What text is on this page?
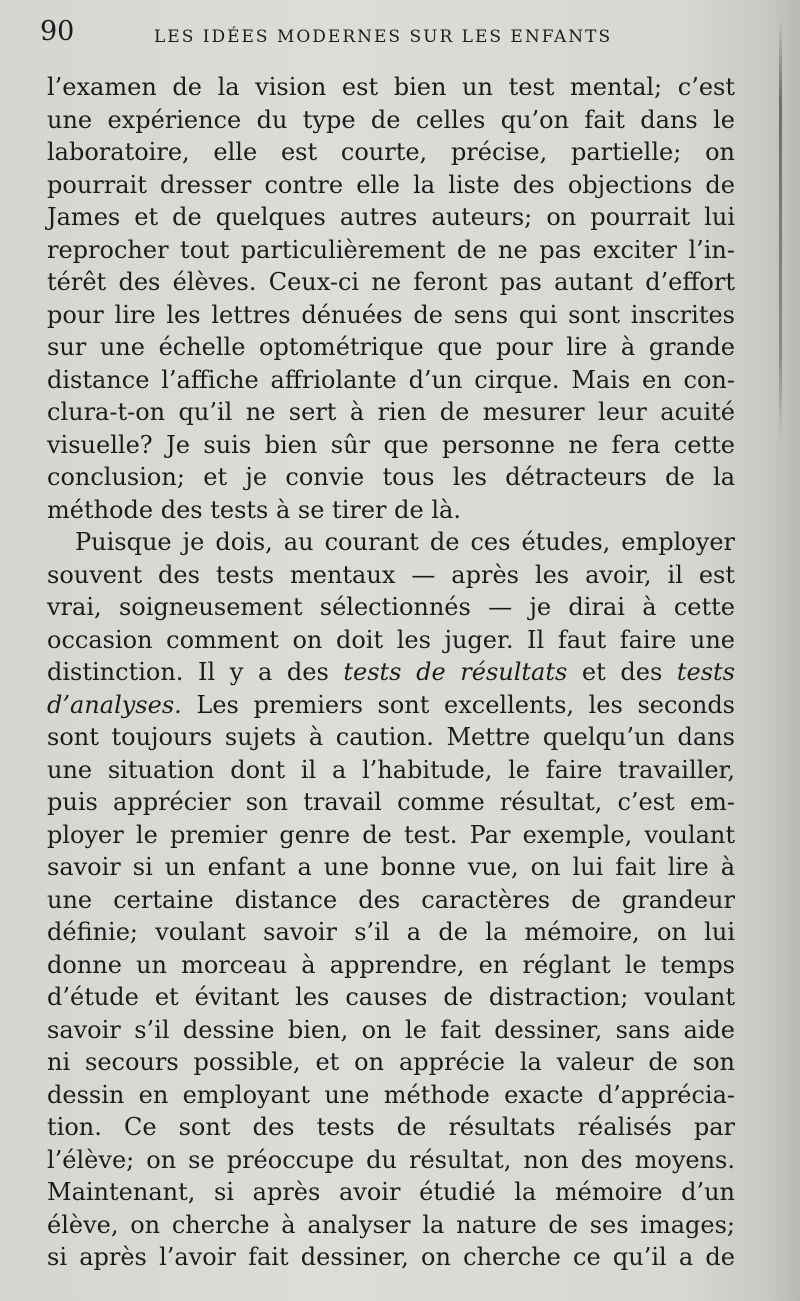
90	LES IDÉES MODERNES SUR LES ENFANTS
l’examen de la vision est bien un test mental; c’est
une expérience du type de celles qu’on fait dans le
laboratoire, elle est courte, précise, partielle; on
pourrait dresser contre elle la liste des objections de
James et de quelques autres auteurs; on pourrait lui
reprocher tout particulièrement de ne pas exciter l’in-
térêt des élèves. Ceux-ci ne feront pas autant d’effort
pour lire les lettres dénuées de sens qui sont inscrites
sur une échelle optométrique que pour lire à grande
distance l’affiche affriolante d’un cirque. Mais en con-
clura-t-on qu’il ne sert à rien de mesurer leur acuité
visuelle? Je suis bien sûr que personne ne fera cette
conclusion; et je convie tous les détracteurs de la
méthode des tests à se tirer de là.
Puisque je dois, au courant de ces études, employer
souvent des tests mentaux — après les avoir, il est
vrai, soigneusement sélectionnés — je dirai à cette
occasion comment on doit les juger. Il faut faire une
distinction. Il y a des tests de résultats et des tests
d’analyses. Les premiers sont excellents, les seconds
sont toujours sujets à caution. Mettre quelqu’un dans
une situation dont il a l’habitude, le faire travailler,
puis apprécier son travail comme résultat, c’est em-
ployer le premier genre de test. Par exemple, voulant
savoir si un enfant a une bonne vue, on lui fait lire à
une certaine distance des caractères de grandeur
définie; voulant savoir s’il a de la mémoire, on lui
donne un morceau à apprendre, en réglant le temps
d’étude et évitant les causes de distraction; voulant
savoir s’il dessine bien, on le fait dessiner, sans aide
ni secours possible, et on apprécie la valeur de son
dessin en employant une méthode exacte d’apprécia-
tion. Ce sont des tests de résultats réalisés par
l’élève; on se préoccupe du résultat, non des moyens.
Maintenant, si après avoir étudié la mémoire d’un
élève, on cherche à analyser la nature de ses images;
si après l’avoir fait dessiner, on cherche ce qu’il a de
